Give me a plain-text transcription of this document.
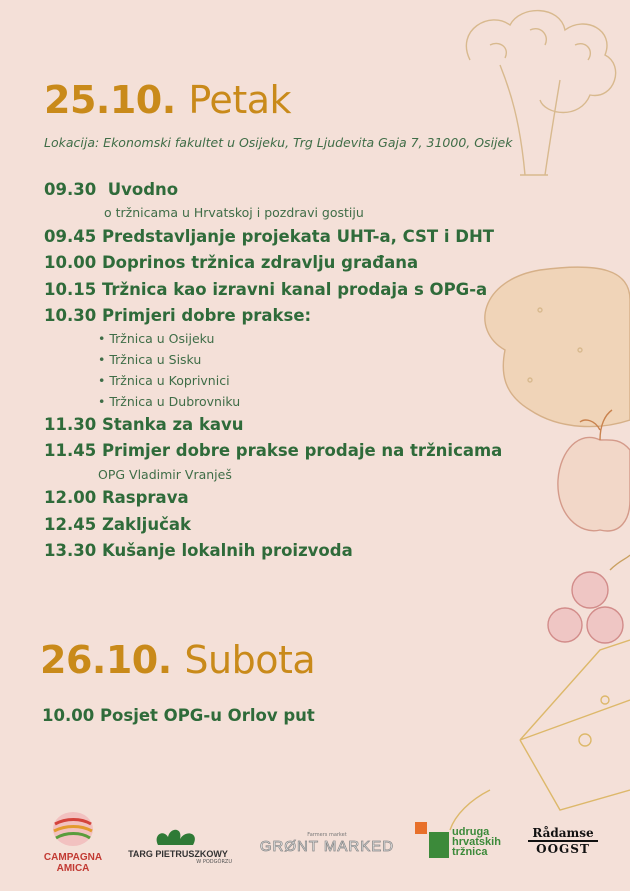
25.10. Petak
Lokacija: Ekonomski fakultet u Osijeku, Trg Ljudevita Gaja 7, 31000, Osijek
09.30 Uvodno
o tržnicama u Hrvatskoj i pozdravi gostiju
09.45 Predstavljanje projekata UHT-a, CST i DHT
10.00 Doprinos tržnica zdravlju građana
10.15 Tržnica kao izravni kanal prodaja s OPG-a
10.30 Primjeri dobre prakse:
• Tržnica u Osijeku
• Tržnica u Sisku
• Tržnica u Koprivnici
• Tržnica u Dubrovniku
11.30 Stanka za kavu
11.45 Primjer dobre prakse prodaje na tržnicama
OPG Vladimir Vranješ
12.00 Rasprava
12.45 Zaključak
13.30 Kušanje lokalnih proizvoda
26.10. Subota
10.00 Posjet OPG-u Orlov put
CAMPAGNA
AMICA
TARG PIETRUSZKOWY
W PODGÓRZU
Farmers market
GRØNT MARKED
udruga
hrvatskih
tržnica
Rådamse
OOGST
